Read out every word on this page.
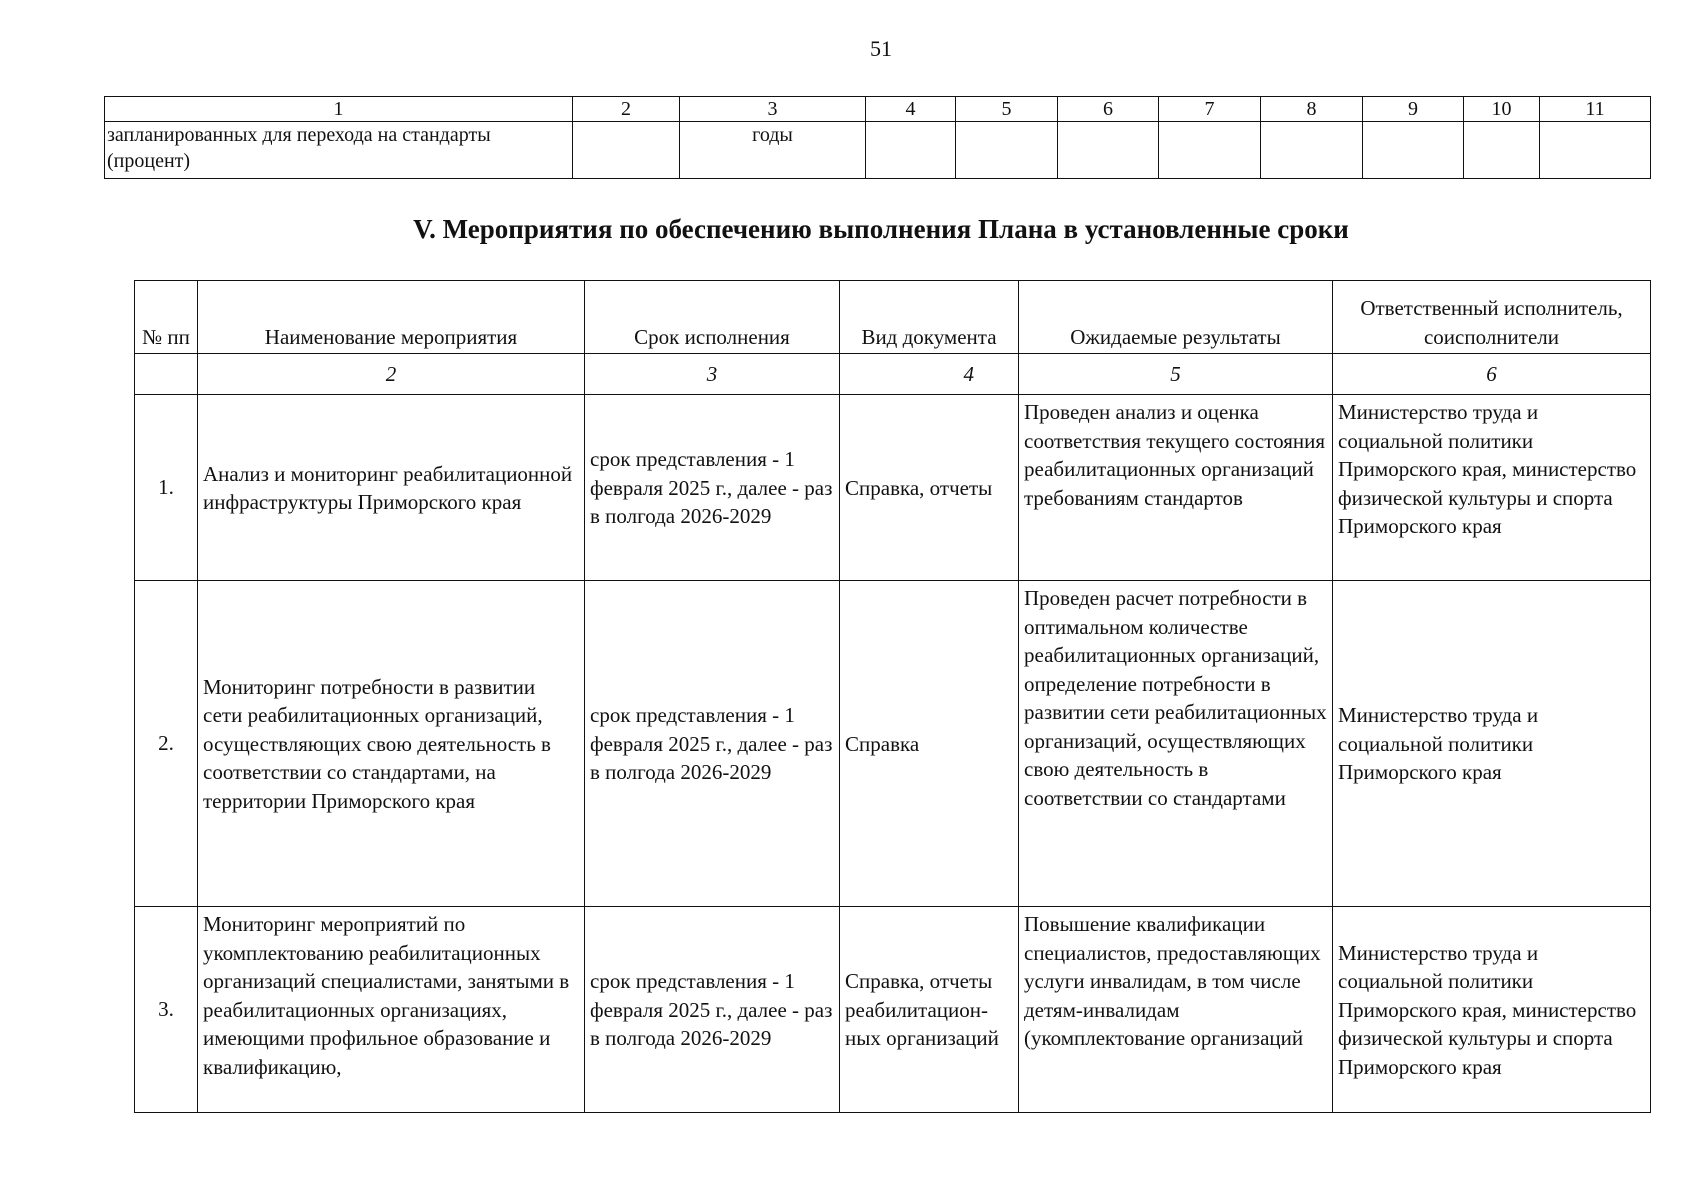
51
1	2	3	4	5	6	7	8	9	10	11
запланированных для перехода на стандарты (процент)		годы								
V. Мероприятия по обеспечению выполнения Плана в установленные сроки
№ пп	Наименование мероприятия	Срок исполнения	Вид документа	Ожидаемые результаты	Ответственный исполнитель, соисполнители
	2	3	4	5	6
1.	Анализ и мониторинг реабилитационной инфраструктуры Приморского края	срок представления - 1 февраля 2025 г., далее - раз в полгода 2026-2029	Справка, отчеты	Проведен анализ и оценка соответствия текущего состояния реабилитационных организаций требованиям стандартов	Министерство труда и социальной политики Приморского края, министерство физической культуры и спорта Приморского края
2.	Мониторинг потребности в развитии сети реабилитационных организаций, осуществляющих свою деятельность в соответствии со стандартами, на территории Приморского края	срок представления - 1 февраля 2025 г., далее - раз в полгода 2026-2029	Справка	Проведен расчет потребности в оптимальном количестве реабилитационных организаций, определение потребности в развитии сети реабилитационных организаций, осуществляющих свою деятельность в соответствии со стандартами	Министерство труда и социальной политики Приморского края
3.	Мониторинг мероприятий по укомплектованию реабилитационных организаций специалистами, занятыми в реабилитационных организациях, имеющими профильное образование и квалификацию,	срок представления - 1 февраля 2025 г., далее - раз в полгода 2026-2029	Справка, отчеты реабилитацион-ных организаций	Повышение квалификации специалистов, предоставляющих услуги инвалидам, в том числе детям-инвалидам (укомплектование организаций	Министерство труда и социальной политики Приморского края, министерство физической культуры и спорта Приморского края
